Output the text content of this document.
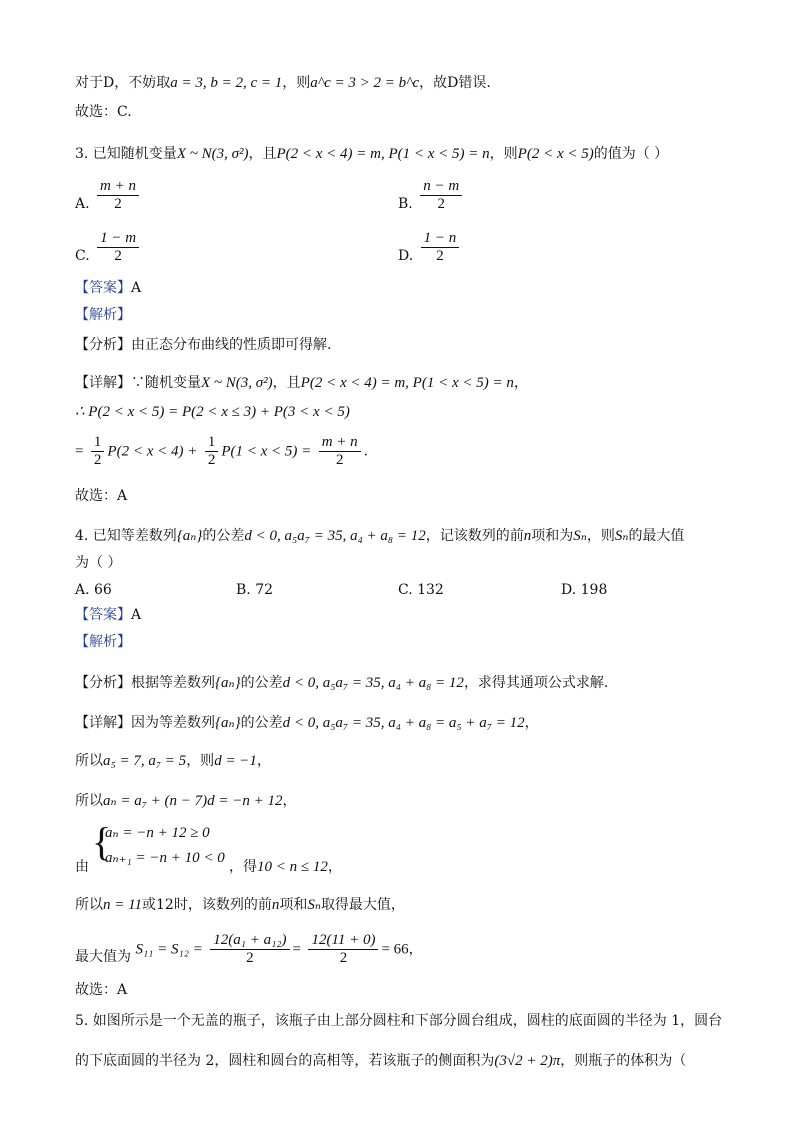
对于D，不妨取a = 3, b = 2, c = 1，则a^c = 3 > 2 = b^c，故D错误.
故选：C.
3. 已知随机变量X ~ N(3, σ²)，且P(2 < x < 4) = m, P(1 < x < 5) = n，则P(2 < x < 5)的值为（ ）
A. $\frac{m + n}{2}$	B. $\frac{n - m}{2}$
C. $\frac{1 - m}{2}$	D. $\frac{1 - n}{2}$
【答案】A
【解析】
【分析】由正态分布曲线的性质即可得解.
【详解】∵随机变量X ~ N(3, σ²)，且P(2 < x < 4) = m, P(1 < x < 5) = n，
∴ P(2 < x < 5) = P(2 < x ≤ 3) + P(3 < x < 5)
= $\frac{1}{2} P(2 < x < 4) + \frac{1}{2} P(1 < x < 5) = \frac{m + n}{2}$ .
故选：A
4. 已知等差数列{aₙ}的公差d < 0, a₅a₇ = 35, a₄ + a₈ = 12，记该数列的前n项和为Sₙ，则Sₙ的最大值
为（ ）
A. 66	B. 72	C. 132	D. 198
【答案】A
【解析】
【分析】根据等差数列{aₙ}的公差d < 0, a₅a₇ = 35, a₄ + a₈ = 12，求得其通项公式求解.
【详解】因为等差数列{aₙ}的公差d < 0, a₅a₇ = 35, a₄ + a₈ = a₅ + a₇ = 12，
所以a₅ = 7, a₇ = 5，则d = −1，
所以aₙ = a₇ + (n − 7)d = −n + 12，
{
aₙ = −n + 12 ≥ 0
aₙ₊₁ = −n + 10 < 0
由	，得10 < n ≤ 12，
所以n = 11或12时，该数列的前n项和Sₙ取得最大值，
最大值为 $S_{11} = S_{12} = \frac{\text{12(a₁ + a₁₂)}}{2} = \frac{12(11 + 0)}{2} = 66$，
故选：A
5. 如图所示是一个无盖的瓶子，该瓶子由上部分圆柱和下部分圆台组成，圆柱的底面圆的半径为 1，圆台
的下底面圆的半径为 2，圆柱和圆台的高相等，若该瓶子的侧面积为(3√2 + 2)π，则瓶子的体积为（
